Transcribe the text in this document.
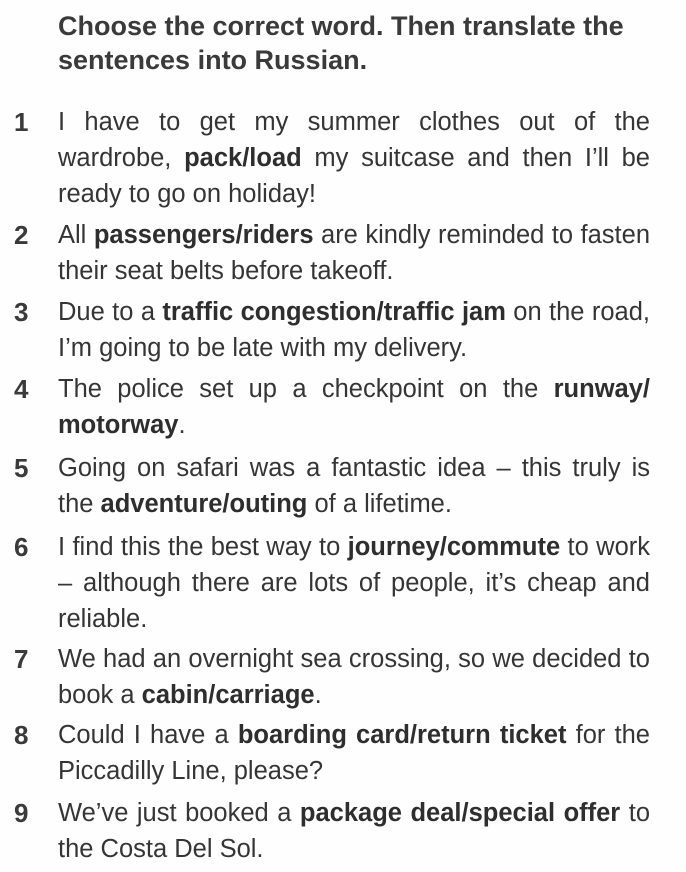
Choose the correct word. Then translate the sentences into Russian.
1	I have to get my summer clothes out of the wardrobe, pack/load my suitcase and then I’ll be ready to go on holiday!
2	All passengers/riders are kindly reminded to fasten their seat belts before takeoff.
3	Due to a traffic congestion/traffic jam on the road, I’m going to be late with my delivery.
4	The police set up a checkpoint on the runway/ motorway.
5	Going on safari was a fantastic idea – this truly is the adventure/outing of a lifetime.
6	I find this the best way to journey/commute to work – although there are lots of people, it’s cheap and reliable.
7	We had an overnight sea crossing, so we decided to book a cabin/carriage.
8	Could I have a boarding card/return ticket for the Piccadilly Line, please?
9	We’ve just booked a package deal/special offer to the Costa Del Sol.
